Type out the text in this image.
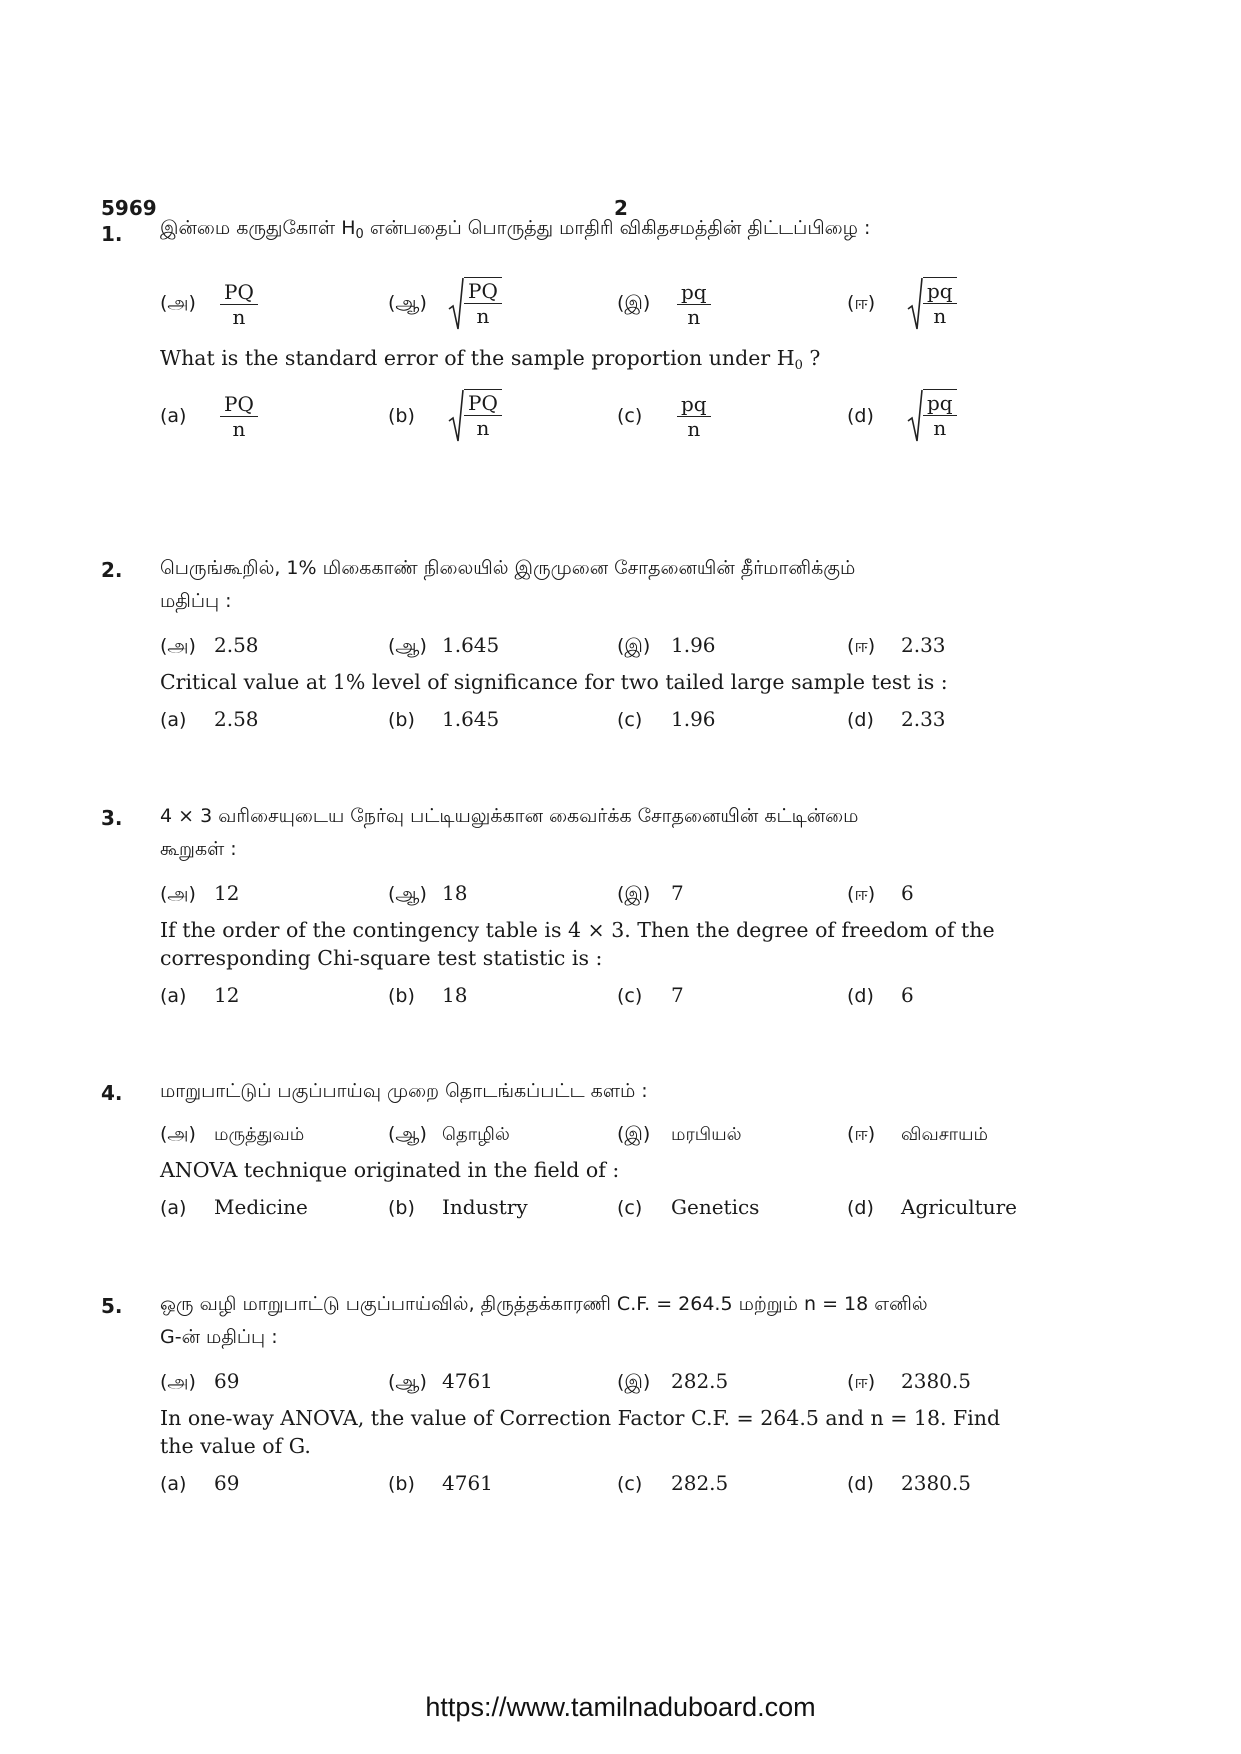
5969	2
1. இன்மை கருதுகோள் $H_0$ என்பதைப் பொருத்து மாதிரி விகிதசமத்தின் திட்டப்பிழை :
(அ)	$\frac{PQ}{n}$	(ஆ)	$\frac{PQ}{n}$	(இ)	$\frac{pq}{n}$	(ஈ)	$\frac{pq}{n}$
What is the standard error of the sample proportion under $H_0$ ?
(a)	$\frac{PQ}{n}$	(b)	$\frac{PQ}{n}$	(c)	$\frac{pq}{n}$	(d)	$\frac{pq}{n}$
2. பெருங்கூறில், 1% மிகைகாண் நிலையில் இருமுனை சோதனையின் தீர்மானிக்கும்
மதிப்பு :
(அ) 2.58	(ஆ) 1.645	(இ) 1.96	(ஈ) 2.33
Critical value at 1% level of significance for two tailed large sample test is :
(a) 2.58	(b) 1.645	(c) 1.96	(d) 2.33
3. 4 × 3 வரிசையுடைய நேர்வு பட்டியலுக்கான கைவர்க்க சோதனையின் கட்டின்மை
கூறுகள் :
(அ) 12	(ஆ) 18	(இ) 7	(ஈ) 6
If the order of the contingency table is 4 × 3. Then the degree of freedom of the
corresponding Chi-square test statistic is :
(a) 12	(b) 18	(c) 7	(d) 6
4. மாறுபாட்டுப் பகுப்பாய்வு முறை தொடங்கப்பட்ட களம் :
(அ) மருத்துவம்	(ஆ) தொழில்	(இ) மரபியல்	(ஈ) விவசாயம்
ANOVA technique originated in the field of :
(a) Medicine	(b) Industry	(c) Genetics	(d) Agriculture
5. ஒரு வழி மாறுபாட்டு பகுப்பாய்வில், திருத்தக்காரணி C.F. = 264.5 மற்றும் n = 18 எனில்
G-ன் மதிப்பு :
(அ) 69	(ஆ) 4761	(இ) 282.5	(ஈ) 2380.5
In one-way ANOVA, the value of Correction Factor C.F. = 264.5 and n = 18. Find
the value of G.
(a) 69	(b) 4761	(c) 282.5	(d) 2380.5
https://www.tamilnaduboard.com
